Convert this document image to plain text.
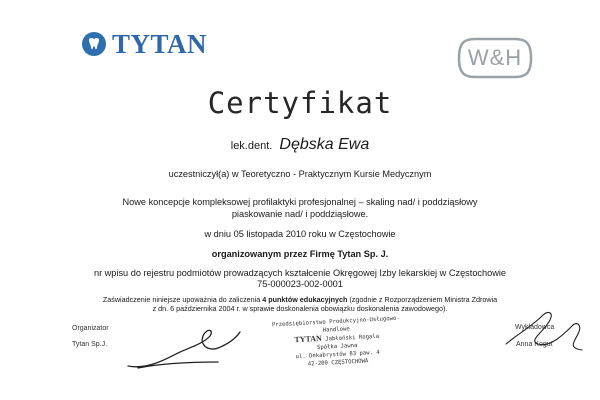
TYTAN	W&H
Certyfikat
lek.dent. Dębska Ewa
uczestniczył(a) w Teoretyczno - Praktycznym Kursie Medycznym
Nowe koncepcje kompleksowej profilaktyki profesjonalnej – skaling nad/ i poddziąsłowy piaskowanie nad/ i poddziąsłowe.
w dniu 05 listopada 2010 roku w Częstochowie
organizowanym przez Firmę Tytan Sp. J.
nr wpisu do rejestru podmiotów prowadzących kształcenie Okręgowej Izby lekarskiej w Częstochowie
75-000023-002-0001
Zaświadczenie niniejsze upoważnia do zaliczenia 4 punktów edukacyjnych (zgodnie z Rozporządzeniem Ministra Zdrowia
z dn. 6 października 2004 r. w sprawie doskonalenia obowiązku doskonalenia zawodowego).
Organizator
Tytan Sp.J.
Przedsiębiorstwo Produkcyjno-Usługowo-Handlowe
TYTAN Jabłoński Rogala
Spółka Jawna
ul. Dekabrystów 83 paw. 4
42-200 CZĘSTOCHOWA
Wykładowca
Anna Kogut
